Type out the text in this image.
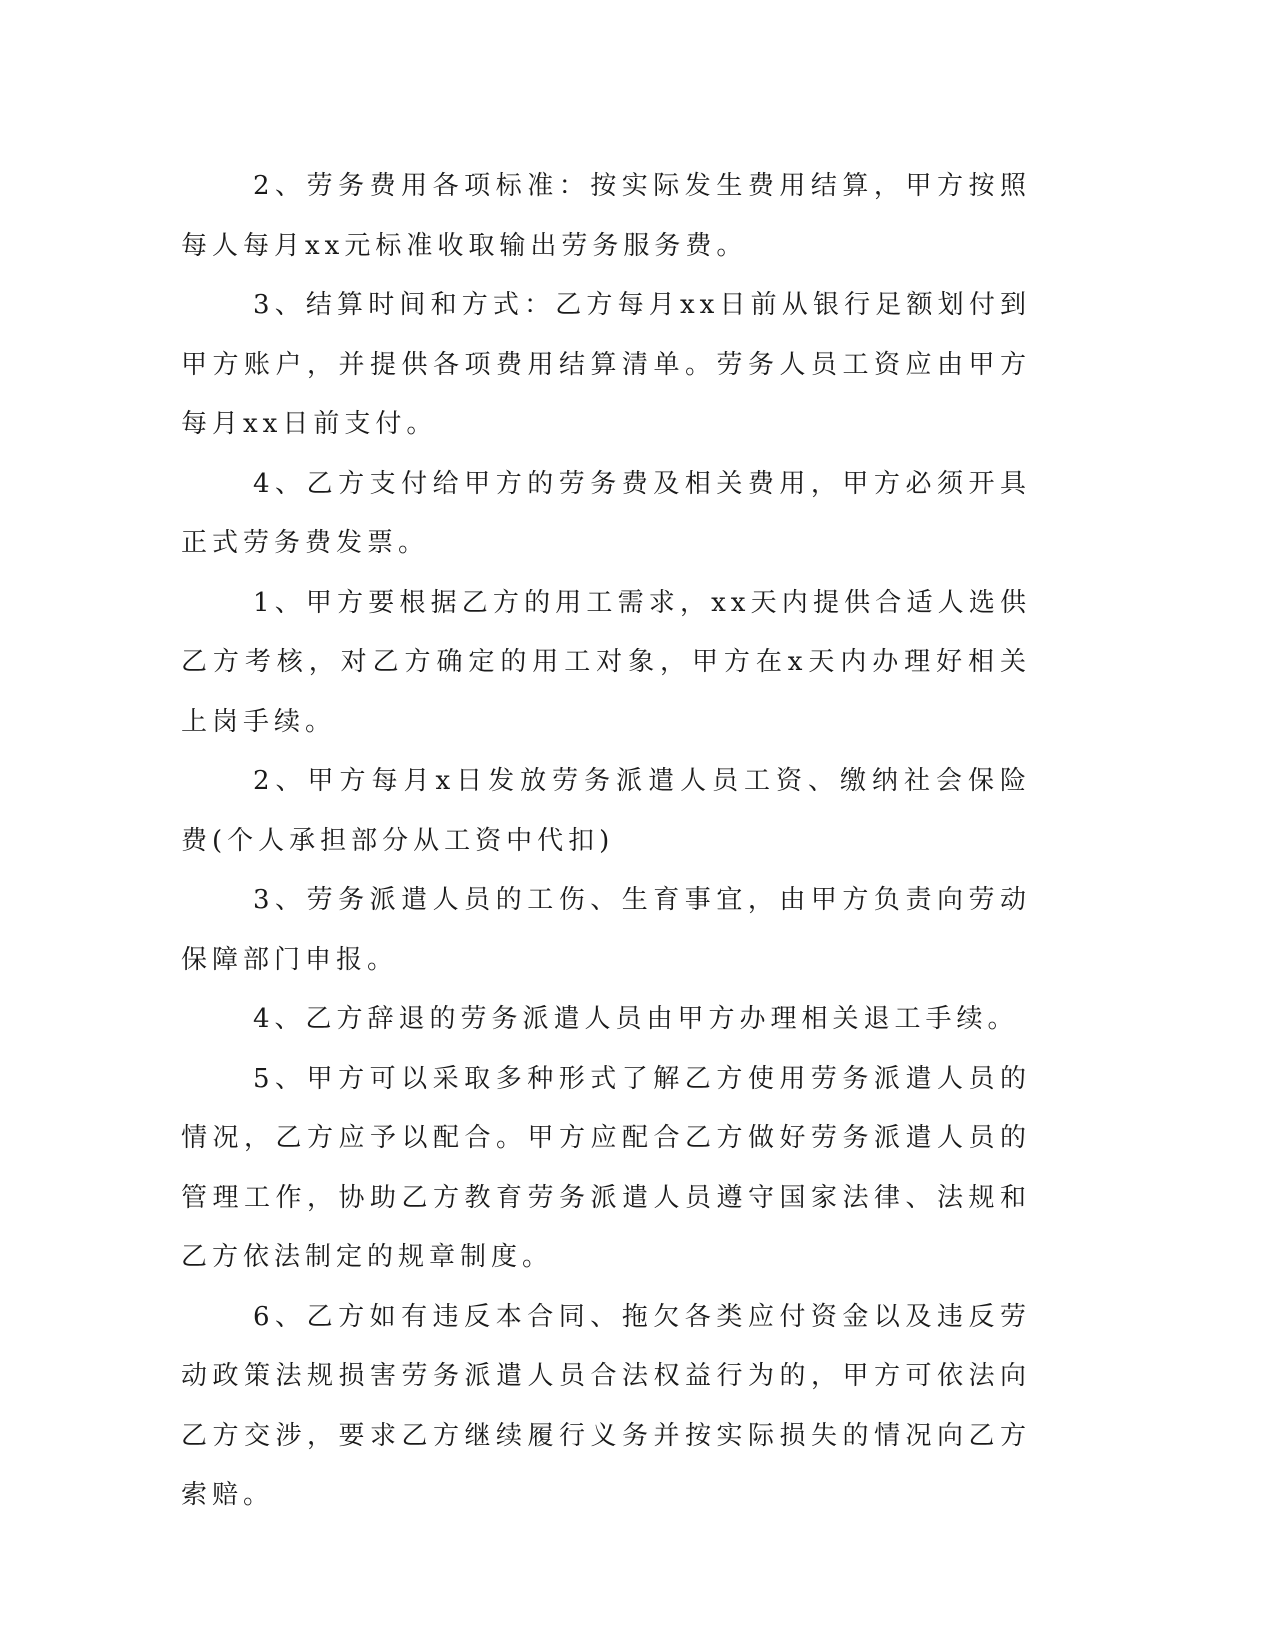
2、劳务费用各项标准：按实际发生费用结算，甲方按照每人每月xx元标准收取输出劳务服务费。

3、结算时间和方式：乙方每月xx日前从银行足额划付到甲方账户，并提供各项费用结算清单。劳务人员工资应由甲方每月xx日前支付。

4、乙方支付给甲方的劳务费及相关费用，甲方必须开具正式劳务费发票。

1、甲方要根据乙方的用工需求，xx天内提供合适人选供乙方考核，对乙方确定的用工对象，甲方在x天内办理好相关上岗手续。

2、甲方每月x日发放劳务派遣人员工资、缴纳社会保险费(个人承担部分从工资中代扣)

3、劳务派遣人员的工伤、生育事宜，由甲方负责向劳动保障部门申报。

4、乙方辞退的劳务派遣人员由甲方办理相关退工手续。

5、甲方可以采取多种形式了解乙方使用劳务派遣人员的情况，乙方应予以配合。甲方应配合乙方做好劳务派遣人员的管理工作，协助乙方教育劳务派遣人员遵守国家法律、法规和乙方依法制定的规章制度。

6、乙方如有违反本合同、拖欠各类应付资金以及违反劳动政策法规损害劳务派遣人员合法权益行为的，甲方可依法向乙方交涉，要求乙方继续履行义务并按实际损失的情况向乙方索赔。
